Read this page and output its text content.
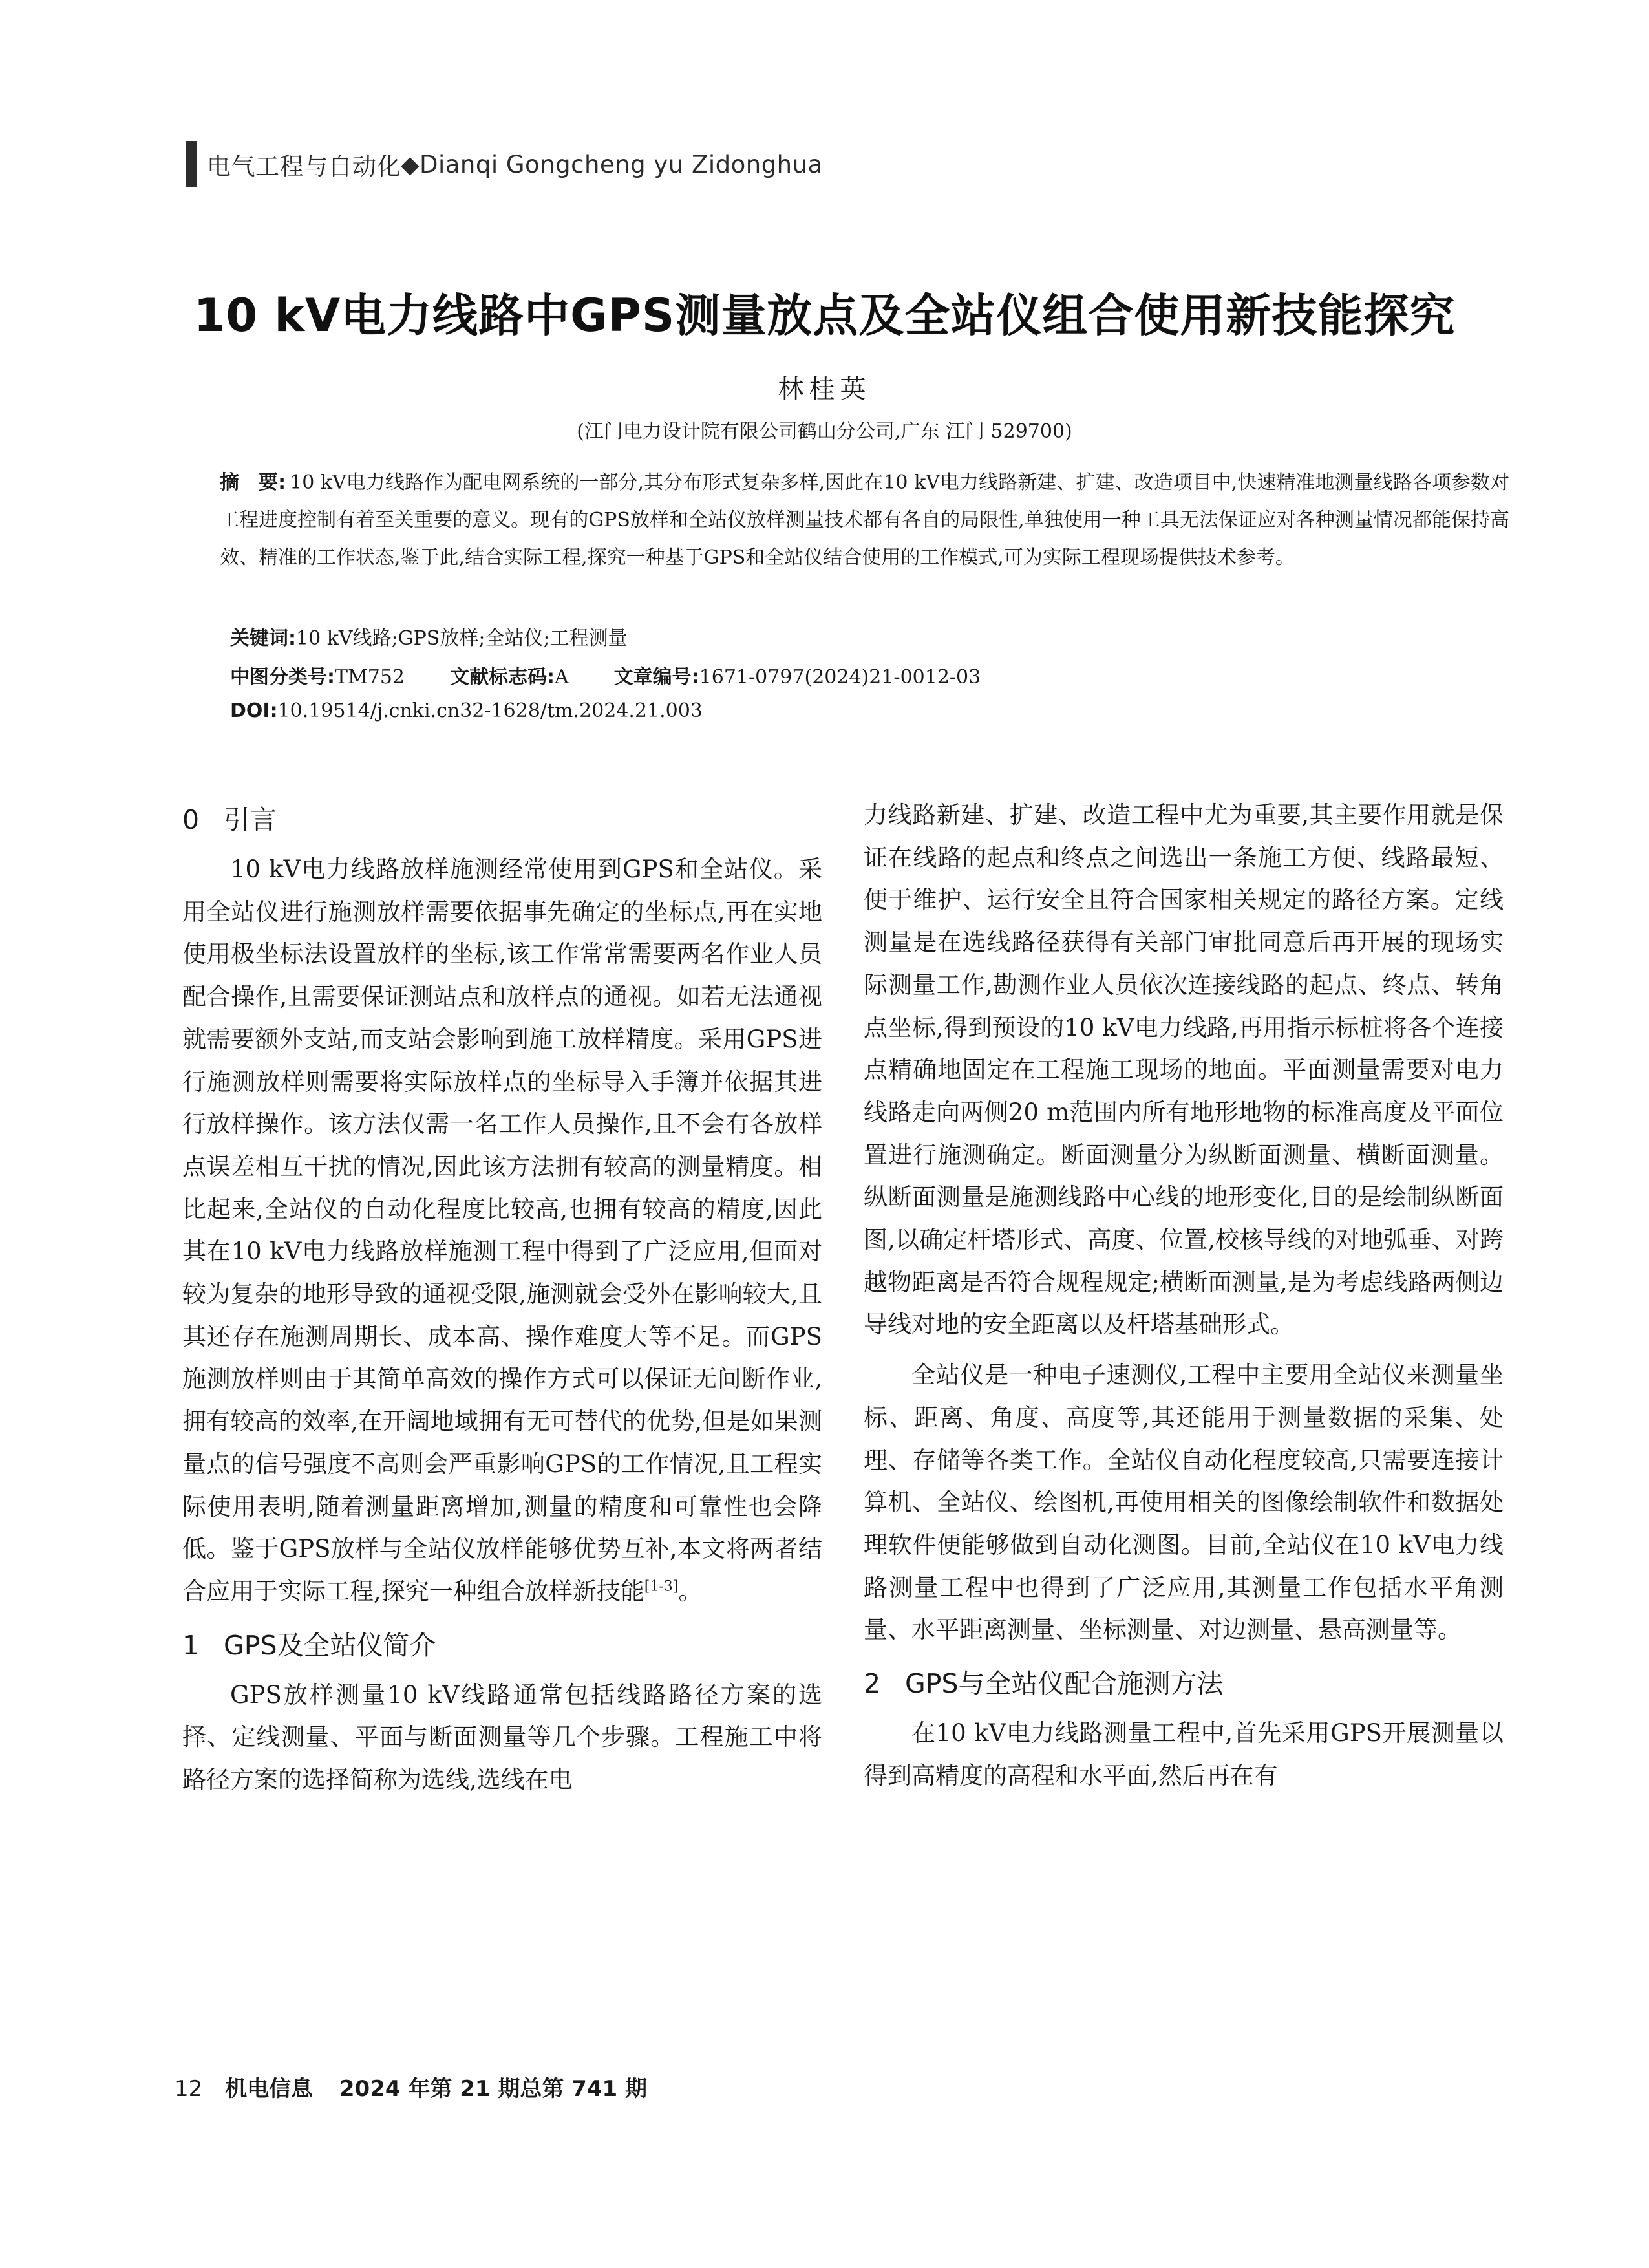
电气工程与自动化 ◆ Dianqi Gongcheng yu Zidonghua
10 kV电力线路中GPS测量放点及全站仪组合使用新技能探究
林桂英
(江门电力设计院有限公司鹤山分公司,广东 江门 529700)
摘　要: 10 kV电力线路作为配电网系统的一部分,其分布形式复杂多样,因此在10 kV电力线路新建、扩建、改造项目中,快速精准地测量线路各项参数对工程进度控制有着至关重要的意义。现有的GPS放样和全站仪放样测量技术都有各自的局限性,单独使用一种工具无法保证应对各种测量情况都能保持高效、精准的工作状态,鉴于此,结合实际工程,探究一种基于GPS和全站仪结合使用的工作模式,可为实际工程现场提供技术参考。
关键词:10 kV线路;GPS放样;全站仪;工程测量
中图分类号:TM752 文献标志码:A 文章编号:1671-0797(2024)21-0012-03
DOI:10.19514/j.cnki.cn32-1628/tm.2024.21.003
0 引言

10 kV电力线路放样施测经常使用到GPS和全站仪。采用全站仪进行施测放样需要依据事先确定的坐标点,再在实地使用极坐标法设置放样的坐标,该工作常常需要两名作业人员配合操作,且需要保证测站点和放样点的通视。如若无法通视就需要额外支站,而支站会影响到施工放样精度。采用GPS进行施测放样则需要将实际放样点的坐标导入手簿并依据其进行放样操作。该方法仅需一名工作人员操作,且不会有各放样点误差相互干扰的情况,因此该方法拥有较高的测量精度。相比起来,全站仪的自动化程度比较高,也拥有较高的精度,因此其在10 kV电力线路放样施测工程中得到了广泛应用,但面对较为复杂的地形导致的通视受限,施测就会受外在影响较大,且其还存在施测周期长、成本高、操作难度大等不足。而GPS施测放样则由于其简单高效的操作方式可以保证无间断作业,拥有较高的效率,在开阔地域拥有无可替代的优势,但是如果测量点的信号强度不高则会严重影响GPS的工作情况,且工程实际使用表明,随着测量距离增加,测量的精度和可靠性也会降低。鉴于GPS放样与全站仪放样能够优势互补,本文将两者结合应用于实际工程,探究一种组合放样新技能[1-3]。

1 GPS及全站仪简介

GPS放样测量10 kV线路通常包括线路路径方案的选择、定线测量、平面与断面测量等几个步骤。工程施工中将路径方案的选择简称为选线,选线在电

力线路新建、扩建、改造工程中尤为重要,其主要作用就是保证在线路的起点和终点之间选出一条施工方便、线路最短、便于维护、运行安全且符合国家相关规定的路径方案。定线测量是在选线路径获得有关部门审批同意后再开展的现场实际测量工作,勘测作业人员依次连接线路的起点、终点、转角点坐标,得到预设的10 kV电力线路,再用指示标桩将各个连接点精确地固定在工程施工现场的地面。平面测量需要对电力线路走向两侧20 m范围内所有地形地物的标准高度及平面位置进行施测确定。断面测量分为纵断面测量、横断面测量。纵断面测量是施测线路中心线的地形变化,目的是绘制纵断面图,以确定杆塔形式、高度、位置,校核导线的对地弧垂、对跨越物距离是否符合规程规定;横断面测量,是为考虑线路两侧边导线对地的安全距离以及杆塔基础形式。

全站仪是一种电子速测仪,工程中主要用全站仪来测量坐标、距离、角度、高度等,其还能用于测量数据的采集、处理、存储等各类工作。全站仪自动化程度较高,只需要连接计算机、全站仪、绘图机,再使用相关的图像绘制软件和数据处理软件便能够做到自动化测图。目前,全站仪在10 kV电力线路测量工程中也得到了广泛应用,其测量工作包括水平角测量、水平距离测量、坐标测量、对边测量、悬高测量等。

2 GPS与全站仪配合施测方法

在10 kV电力线路测量工程中,首先采用GPS开展测量以得到高精度的高程和水平面,然后再在有

12 机电信息 2024 年第 21 期总第 741 期
